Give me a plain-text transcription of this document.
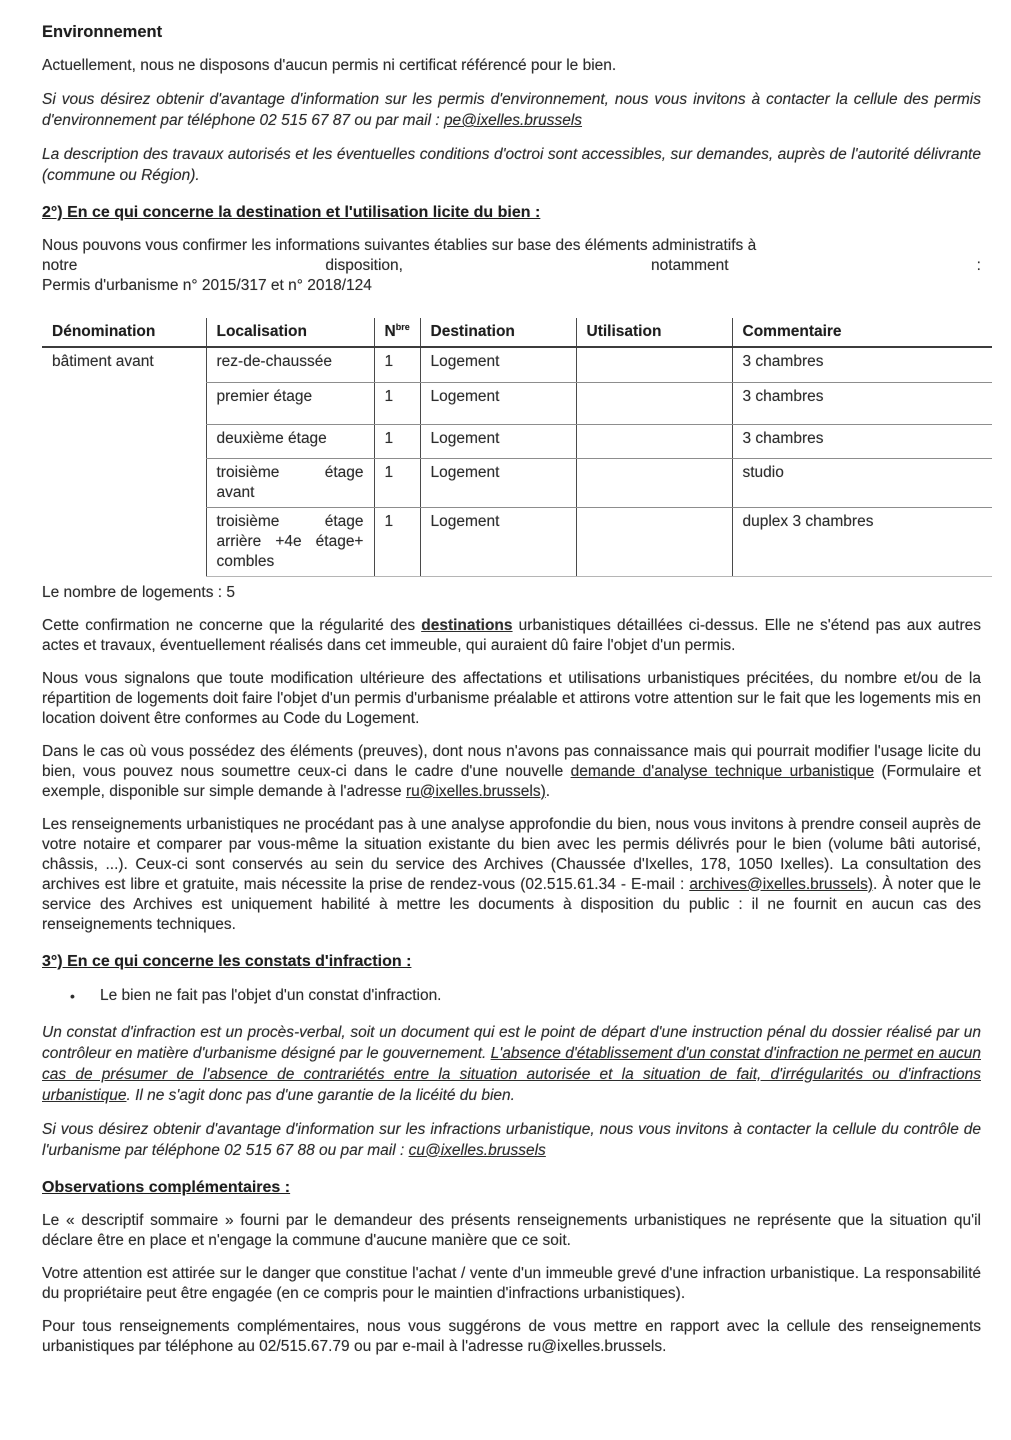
Environnement

Actuellement, nous ne disposons d'aucun permis ni certificat référencé pour le bien.

Si vous désirez obtenir d'avantage d'information sur les permis d'environnement, nous vous invitons à contacter la cellule des permis d'environnement par téléphone 02 515 67 87 ou par mail : pe@ixelles.brussels

La description des travaux autorisés et les éventuelles conditions d'octroi sont accessibles, sur demandes, auprès de l'autorité délivrante (commune ou Région).

2°) En ce qui concerne la destination et l'utilisation licite du bien :

Nous pouvons vous confirmer les informations suivantes établies sur base des éléments administratifs à

notre	disposition,	notamment	:
Permis d'urbanisme n° 2015/317 et n° 2018/124
Dénomination	Localisation	$N^{bre}$	Destination	Utilisation	Commentaire
bâtiment avant	rez-de-chaussée	1	Logement		3 chambres
	premier étage	1	Logement		3 chambres
	deuxième étage	1	Logement		3 chambres
	troisième étage avant	1	Logement		studio
	troisième étage arrière +4e étage+ combles	1	Logement		duplex 3 chambres

Le nombre de logements : 5

Cette confirmation ne concerne que la régularité des destinations urbanistiques détaillées ci-dessus. Elle ne s'étend pas aux autres actes et travaux, éventuellement réalisés dans cet immeuble, qui auraient dû faire l'objet d'un permis.

Nous vous signalons que toute modification ultérieure des affectations et utilisations urbanistiques précitées, du nombre et/ou de la répartition de logements doit faire l'objet d'un permis d'urbanisme préalable et attirons votre attention sur le fait que les logements mis en location doivent être conformes au Code du Logement.

Dans le cas où vous possédez des éléments (preuves), dont nous n'avons pas connaissance mais qui pourrait modifier l'usage licite du bien, vous pouvez nous soumettre ceux-ci dans le cadre d'une nouvelle demande d'analyse technique urbanistique (Formulaire et exemple, disponible sur simple demande à l'adresse ru@ixelles.brussels).

Les renseignements urbanistiques ne procédant pas à une analyse approfondie du bien, nous vous invitons à prendre conseil auprès de votre notaire et comparer par vous-même la situation existante du bien avec les permis délivrés pour le bien (volume bâti autorisé, châssis, ...). Ceux-ci sont conservés au sein du service des Archives (Chaussée d'Ixelles, 178, 1050 Ixelles). La consultation des archives est libre et gratuite, mais nécessite la prise de rendez-vous (02.515.61.34 - E-mail : archives@ixelles.brussels). À noter que le service des Archives est uniquement habilité à mettre les documents à disposition du public : il ne fournit en aucun cas des renseignements techniques.

3°) En ce qui concerne les constats d'infraction :
•
Le bien ne fait pas l'objet d'un constat d'infraction.

Un constat d'infraction est un procès-verbal, soit un document qui est le point de départ d'une instruction pénal du dossier réalisé par un contrôleur en matière d'urbanisme désigné par le gouvernement. L'absence d'établissement d'un constat d'infraction ne permet en aucun cas de présumer de l'absence de contrariétés entre la situation autorisée et la situation de fait, d'irrégularités ou d'infractions urbanistique. Il ne s'agit donc pas d'une garantie de la licéité du bien.

Si vous désirez obtenir d'avantage d'information sur les infractions urbanistique, nous vous invitons à contacter la cellule du contrôle de l'urbanisme par téléphone 02 515 67 88 ou par mail : cu@ixelles.brussels

Observations complémentaires :

Le « descriptif sommaire » fourni par le demandeur des présents renseignements urbanistiques ne représente que la situation qu'il déclare être en place et n'engage la commune d'aucune manière que ce soit.

Votre attention est attirée sur le danger que constitue l'achat / vente d'un immeuble grevé d'une infraction urbanistique. La responsabilité du propriétaire peut être engagée (en ce compris pour le maintien d'infractions urbanistiques).

Pour tous renseignements complémentaires, nous vous suggérons de vous mettre en rapport avec la cellule des renseignements urbanistiques par téléphone au 02/515.67.79 ou par e-mail à l'adresse ru@ixelles.brussels.
